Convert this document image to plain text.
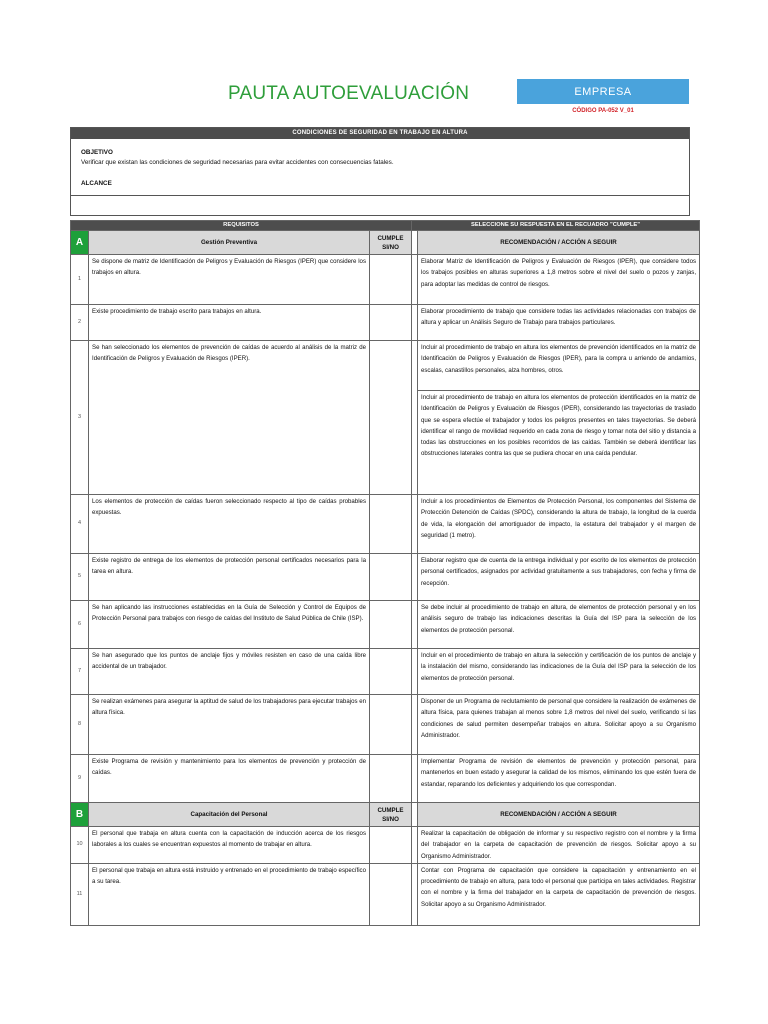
PAUTA AUTOEVALUACIÓN	EMPRESA
CÓDIGO PA-052 V_01
CONDICIONES DE SEGURIDAD EN TRABAJO EN ALTURA
OBJETIVO
Verificar que existan las condiciones de seguridad necesarias para evitar accidentes con consecuencias fatales.
ALCANCE
REQUISITOS			SELECCIONE SU RESPUESTA EN EL RECUADRO "CUMPLE"	
A	Gestión Preventiva	CUMPLE SI/NO		RECOMENDACIÓN / ACCIÓN A SEGUIR
1	Se dispone de matriz de Identificación de Peligros y Evaluación de Riesgos (IPER) que considere los trabajos en altura.			Elaborar Matriz de Identificación de Peligros y Evaluación de Riesgos (IPER), que considere todos los trabajos posibles en alturas superiores a 1,8 metros sobre el nivel del suelo o pozos y zanjas, para adoptar las medidas de control de riesgos.
2	Existe procedimiento de trabajo escrito para trabajos en altura.			Elaborar procedimiento de trabajo que considere todas las actividades relacionadas con trabajos de altura y aplicar un Análisis Seguro de Trabajo para trabajos particulares.
3	Se han seleccionado los elementos de prevención de caídas de acuerdo al análisis de la matriz de Identificación de Peligros y Evaluación de Riesgos (IPER).			Incluir al procedimiento de trabajo en altura los elementos de prevención identificados en la matriz de Identificación de Peligros y Evaluación de Riesgos (IPER), para la compra u arriendo de andamios, escalas, canastillos personales, alza hombres, otros.
				Incluir al procedimiento de trabajo en altura los elementos de protección identificados en la matriz de Identificación de Peligros y Evaluación de Riesgos (IPER), considerando las trayectorias de traslado que se espera efectúe el trabajador y todos los peligros presentes en tales trayectorias. Se deberá identificar el rango de movilidad requerido en cada zona de riesgo y tomar nota del sitio y distancia a todas las obstrucciones en los posibles recorridos de las caídas. También se deberá identificar las obstrucciones laterales contra las que se pudiera chocar en una caída pendular.
4	Los elementos de protección de caídas fueron seleccionado respecto al tipo de caídas probables expuestas.			Incluir a los procedimientos de Elementos de Protección Personal, los componentes del Sistema de Protección Detención de Caídas (SPDC), considerando la altura de trabajo, la longitud de la cuerda de vida, la elongación del amortiguador de impacto, la estatura del trabajador y el margen de seguridad (1 metro).
5	Existe registro de entrega de los elementos de protección personal certificados necesarios para la tarea en altura.			Elaborar registro que de cuenta de la entrega individual y por escrito de los elementos de protección personal certificados, asignados por actividad gratuitamente a sus trabajadores, con fecha y firma de recepción.
6	Se han aplicando las instrucciones establecidas en la Guía de Selección y Control de Equipos de Protección Personal para trabajos con riesgo de caídas del Instituto de Salud Pública de Chile (ISP).			Se debe incluir al procedimiento de trabajo en altura, de elementos de protección personal y en los análisis seguro de trabajo las indicaciones descritas la Guía del ISP para la selección de los elementos de protección personal.
7	Se han asegurado que los puntos de anclaje fijos y móviles resisten en caso de una caída libre accidental de un trabajador.			Incluir en el procedimiento de trabajo en altura la selección y certificación de los puntos de anclaje y la instalación del mismo, considerando las indicaciones de la Guía del ISP para la selección de los elementos de protección personal.
8	Se realizan exámenes para asegurar la aptitud de salud de los trabajadores para ejecutar trabajos en altura física.			Disponer de un Programa de reclutamiento de personal que considere la realización de exámenes de altura física, para quienes trabajan al menos sobre 1,8 metros del nivel del suelo, verificando si las condiciones de salud permiten desempeñar trabajos en altura. Solicitar apoyo a su Organismo Administrador.
9	Existe Programa de revisión y mantenimiento para los elementos de prevención y protección de caídas.			Implementar Programa de revisión de elementos de prevención y protección personal, para mantenerlos en buen estado y asegurar la calidad de los mismos, eliminando los que estén fuera de estandar, reparando los deficientes y adquiriendo los que correspondan.
B	Capacitación del Personal	CUMPLE SI/NO		RECOMENDACIÓN / ACCIÓN A SEGUIR
10	El personal que trabaja en altura cuenta con la capacitación de inducción acerca de los riesgos laborales a los cuales se encuentran expuestos al momento de trabajar en altura.			Realizar la capacitación de obligación de informar y su respectivo registro con el nombre y la firma del trabajador en la carpeta de capacitación de prevención de riesgos. Solicitar apoyo a su Organismo Administrador.
11	El personal que trabaja en altura está instruido y entrenado en el procedimiento de trabajo específico a su tarea.			Contar con Programa de capacitación que considere la capacitación y entrenamiento en el procedimiento de trabajo en altura, para todo el personal que participa en tales actividades. Registrar con el nombre y la firma del trabajador en la carpeta de capacitación de prevención de riesgos. Solicitar apoyo a su Organismo Administrador.
